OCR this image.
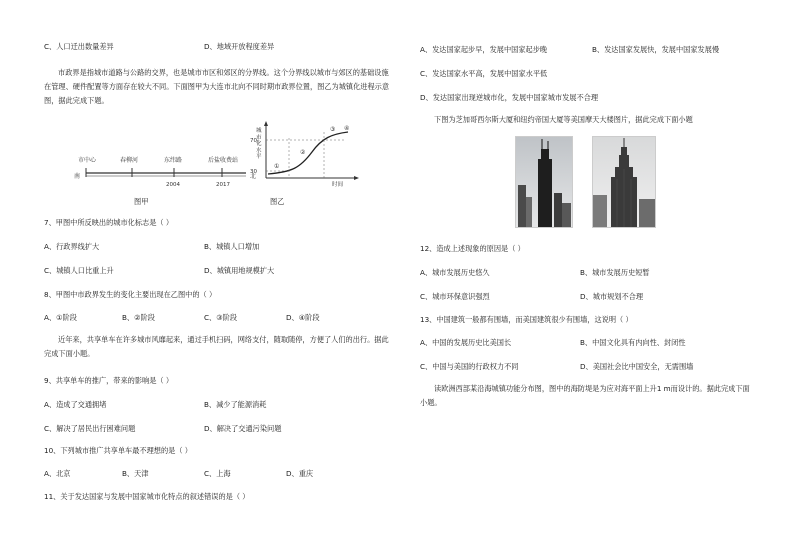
C、人口迁出数量差异	D、地域开放程度差异
市政界是指城市道路与公路的交界，也是城市市区和郊区的分界线。这个分界线以城市与郊区的基础设施在管理、硬件配置等方面存在较大不同。下面图甲为大连市北向不同时期市政界位置，图乙为城镇化进程示意图，据此完成下题。
市中心	春柳河	东纬路	后盐收费站
南	北
2004	2017
图甲
70
30
①
②
③ ④
时间
城市化水平
图乙
7、甲图中所反映出的城市化标志是（ ）
A、行政界线扩大	B、城镇人口增加
C、城镇人口比重上升	D、城镇用地规模扩大
8、甲图中市政界发生的变化主要出现在乙图中的（ ）
A、①阶段	B、②阶段	C、③阶段	D、④阶段
近年来，共享单车在许多城市风靡起来，通过手机扫码，网络支付，随取随停，方便了人们的出行。据此完成下面小题。
9、共享单车的推广，带来的影响是（ ）
A、造成了交通拥堵	B、减少了能源消耗
C、解决了居民出行困难问题	D、解决了交通污染问题
10、下列城市推广共享单车最不理想的是（ ）
A、北京	B、天津	C、上海	D、重庆
11、关于发达国家与发展中国家城市化特点的叙述错误的是（ ）
A、发达国家起步早，发展中国家起步晚	B、发达国家发展快，发展中国家发展慢
C、发达国家水平高，发展中国家水平低
D、发达国家出现逆城市化，发展中国家城市发展不合理
下图为芝加哥西尔斯大厦和纽约帝国大厦等美国摩天大楼图片，据此完成下面小题
12、造成上述现象的原因是（ ）
A、城市发展历史悠久	B、城市发展历史短暂
C、城市环保意识强烈	D、城市规划不合理
13、中国建筑一般都有围墙，而美国建筑很少有围墙，这说明（ ）
A、中国的发展历史比美国长	B、中国文化具有内向性、封闭性
C、中国与美国的行政权力不同	D、美国社会比中国安全，无需围墙
读欧洲西部某沿海城镇功能分布图，图中的海防堤是为应对海平面上升1 m而设计的。据此完成下面小题。
